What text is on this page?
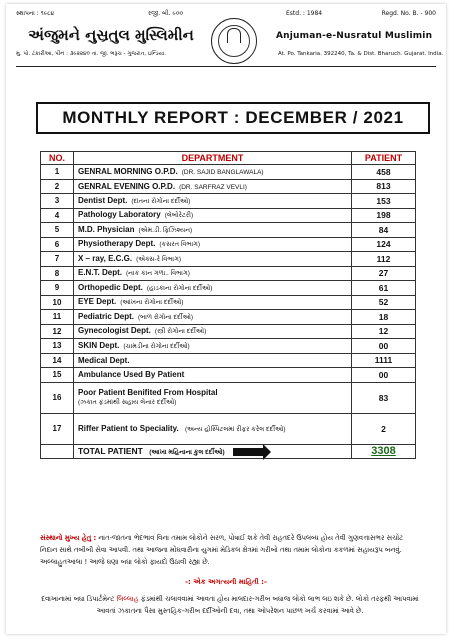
સ્થાપના : ૧૯૮૪	રજી. બી. ૯૦૦	Estd. : 1984	Regd. No. B. - 900
અંજુમને નુસ્રતુલ મુસ્લિમીન
મુ. પો. ટંકારીઆ, પીન : ૩૯૨૨૪૦ તા. જી. ભરૂચ - ગુજરાત, ઇન્ડિયા.
Anjuman-e-Nusratul Muslimin
At. Po. Tankaria. 392240, Ta. & Dist. Bharuch. Gujarat. India.
MONTHLY REPORT : DECEMBER / 2021
NO.	DEPARTMENT	PATIENT
1	GENRAL MORNING O.P.D. (DR. SAJID BANGLAWALA)	458
2	GENRAL EVENING O.P.D. (DR. SARFRAZ VEVLI)	813
3	Dentist Dept. (દાંતના રોગોના દર્દીઓ)	153
4	Pathology Laboratory (લેબોરેટરી)	198
5	M.D. Physician (એમ.ડી. ફિઝિશ્યન)	84
6	Physiotherapy Dept. (કસરત વિભાગ)	124
7	X – ray, E.C.G. (એક્સ-રે વિભાગ)	112
8	E.N.T. Dept. (નાક કાન ગળા.. વિભાગ)	27
9	Orthopedic Dept. (હાડકાના રોગોના દર્દીઓ)	61
10	EYE Dept. (આંખના રોગોના દર્દીઓ)	52
11	Pediatric Dept. (બાળ રોગોના દર્દીઓ)	18
12	Gynecologist Dept. (સ્ત્રી રોગોના દર્દીઓ)	12
13	SKIN Dept. (ચામડીના રોગોના દર્દીઓ)	00
14	Medical Dept.	1111
15	Ambulance Used By Patient	00
16	Poor Patient Benifited From Hospital
(ઝકાત ફંડમાંથી સહાય લેનાર દર્દીઓ)	83
17	Riffer Patient to Speciality. (અન્ય હોસ્પિટલમાં રીફર કરેલ દર્દીઓ)	2
	TOTAL PATIENT (આખા મહિનાના કુલ દર્દીઓ)	3308
સંસ્થાનો મુખ્ય હેતુ : નાત-જાતના ભેદભાવ વિના તમામ લોકોને સરળ, પોષાઈ શકે તેવી રાહતદરે ઉપલબ્ધ હોય તેવી ગુણવત્તાસભર સચોટ નિદાન સાથે તબીબી સેવા આપવી. તથા આજના મોંઘવારીના યુગમાં મેડિકલ ક્ષેત્રમાં ગરીબો તથા તમામ લોકોના કકળમાં સહાયરૂપ બનવું. અલ્લાહુતઆલા ! આજે ઘણા બધા લોકો ફાયદો ઉઠાવી રહ્યા છે.
-: એક અગત્યની માહિતી :-
દવાખાનામાં બધા ડિપાર્ટમેન્ટ લિલ્લાહ ફંડમાંથી ચલાવવામાં આવતા હોય માલદાર-ગરીબ બધાજ લોકો લાભ લઇ શકે છે. લોકો તરફથી આપવામાં આવતાં ઝકાતના પૈસા મુસ્તહિક-ગરીબ દર્દીઓની દવા, તથા ઓપરેશન પાછળ ખર્ચ કરવામાં આવે છે.
